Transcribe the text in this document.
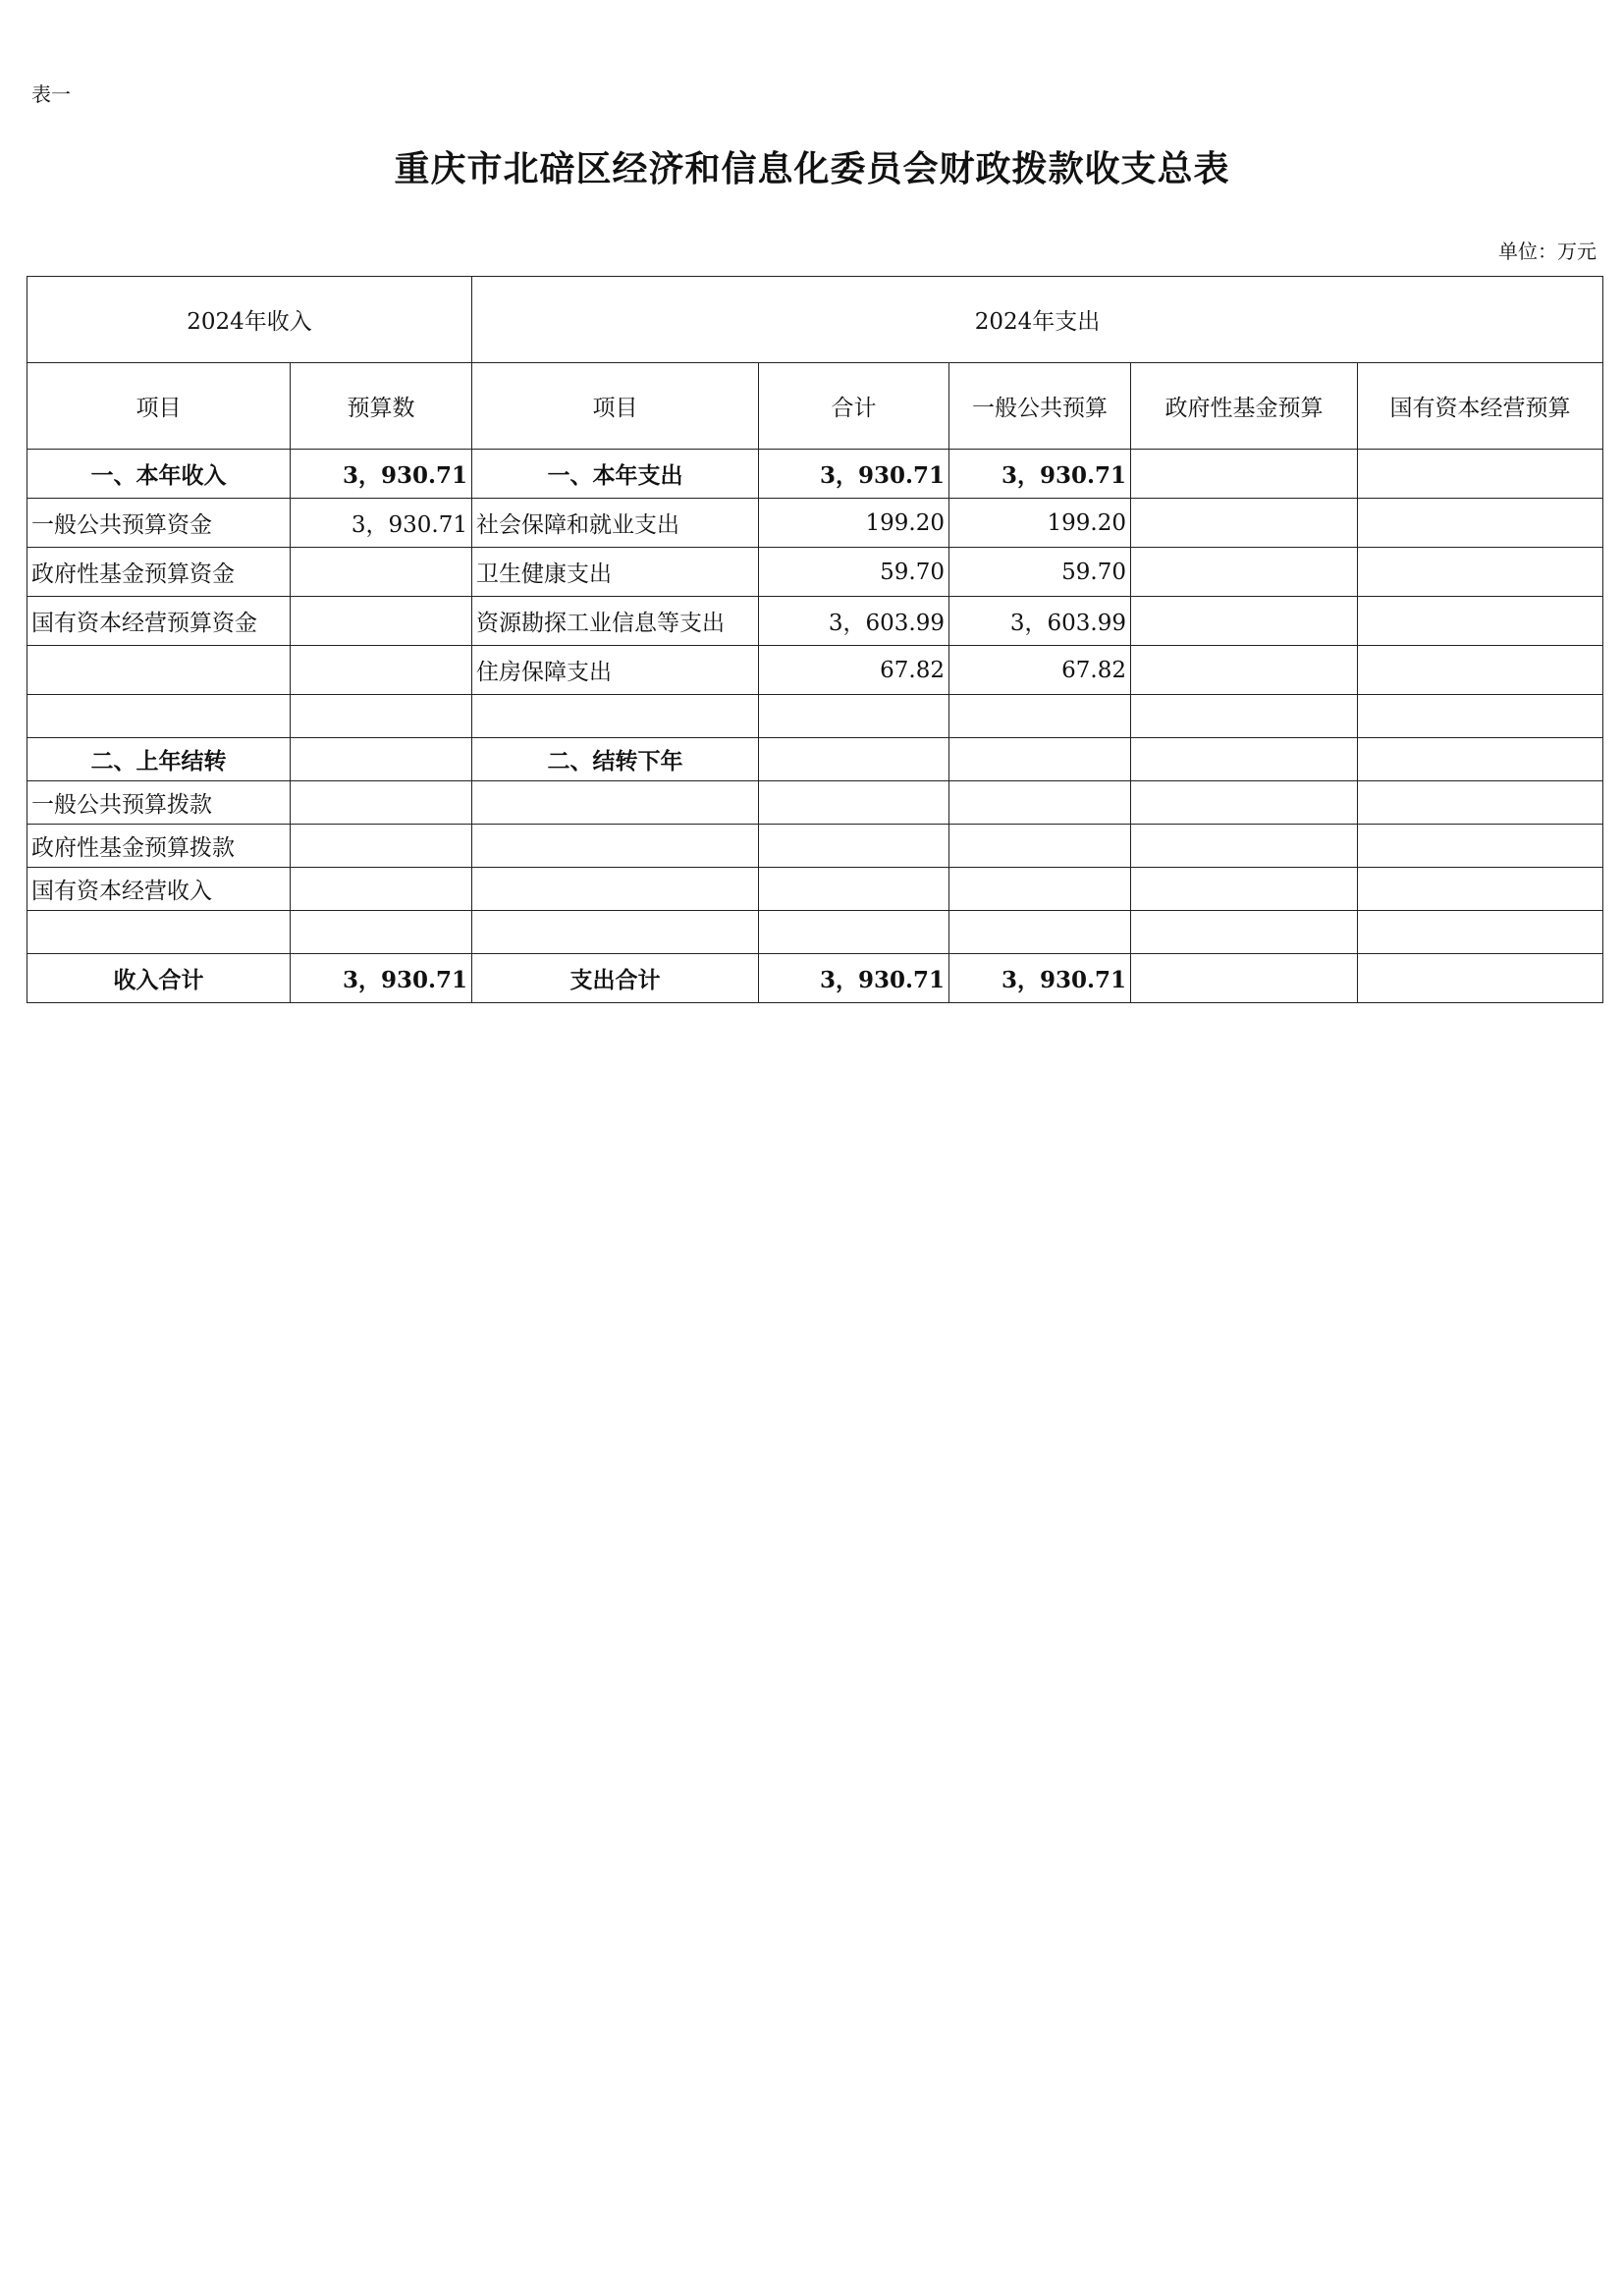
表一
重庆市北碚区经济和信息化委员会财政拨款收支总表
单位：万元
2024年收入		2024年支出				
项目	预算数	项目	合计	一般公共预算	政府性基金预算	国有资本经营预算
一、本年收入	3，930.71	一、本年支出	3，930.71	3，930.71		
一般公共预算资金	3，930.71	社会保障和就业支出	199.20	199.20		
政府性基金预算资金		卫生健康支出	59.70	59.70		
国有资本经营预算资金		资源勘探工业信息等支出	3，603.99	3，603.99		
		住房保障支出	67.82	67.82		

二、上年结转		二、结转下年				
一般公共预算拨款						
政府性基金预算拨款						
国有资本经营收入						

收入合计	3，930.71	支出合计	3，930.71	3，930.71		
